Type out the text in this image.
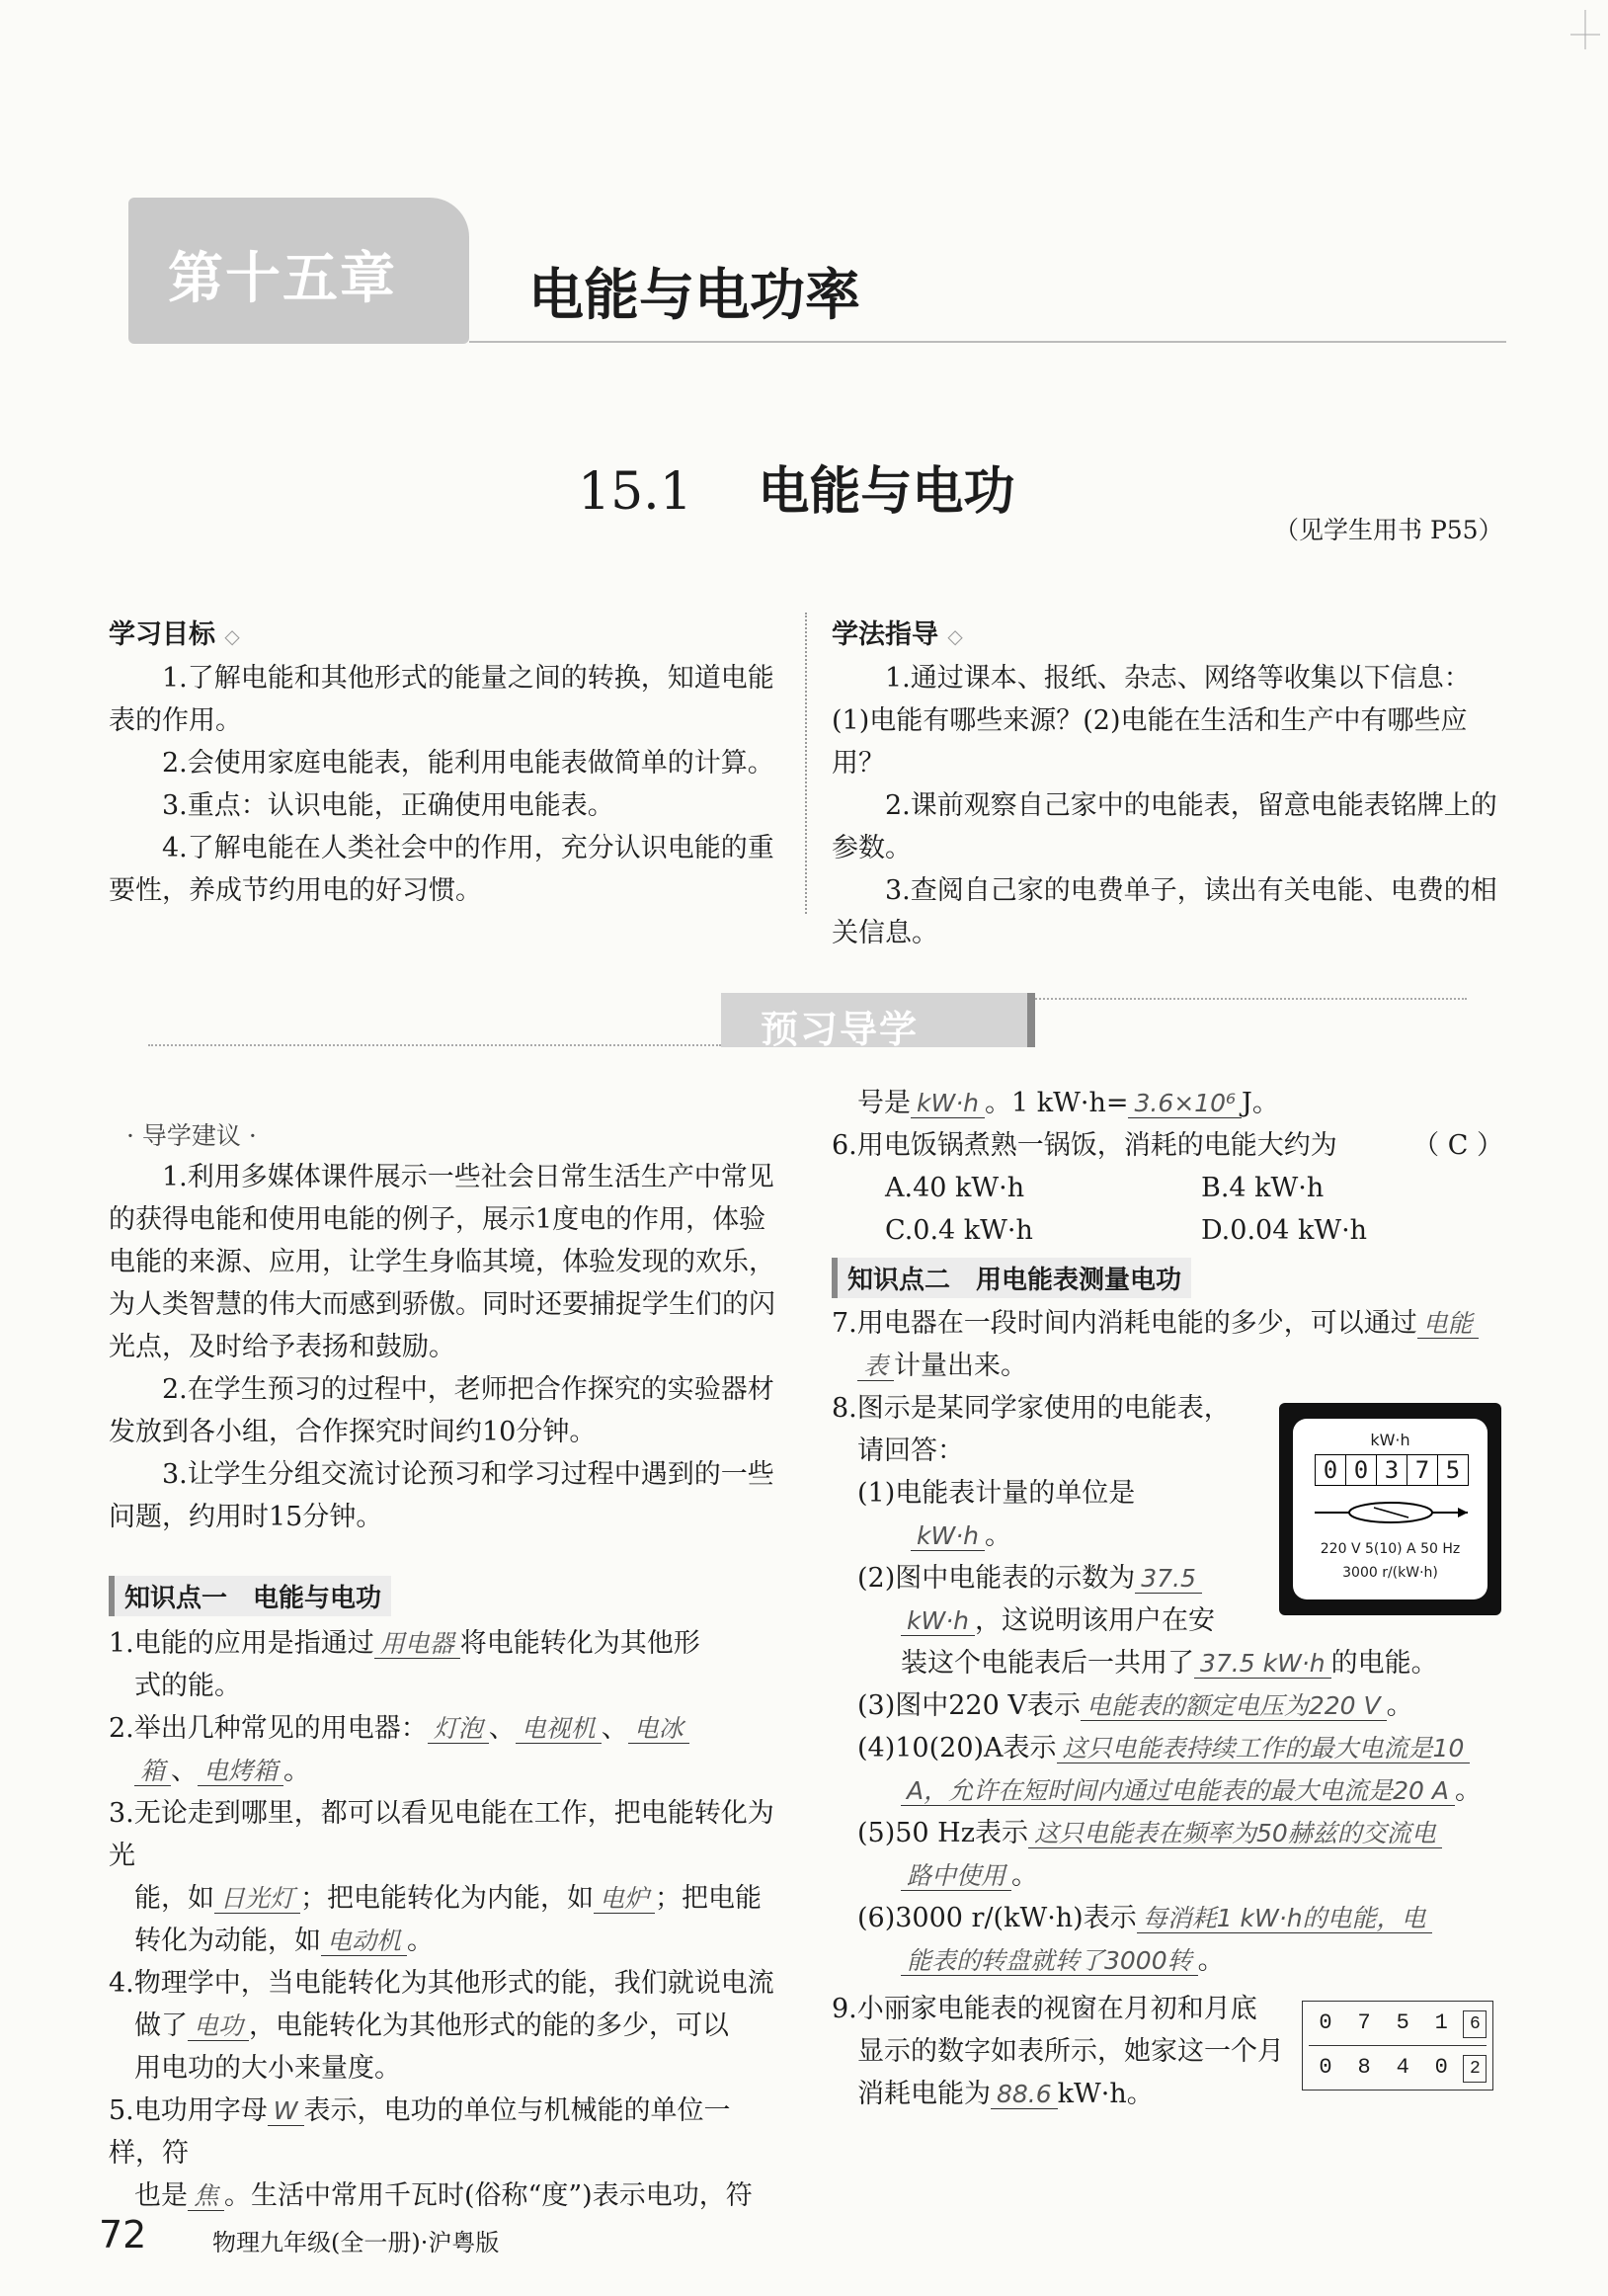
第十五章 电能与电功率
15.1 电能与电功
（见学生用书 P55）
学习目标 ◇
1.了解电能和其他形式的能量之间的转换，知道电能表的作用。
2.会使用家庭电能表，能利用电能表做简单的计算。
3.重点：认识电能，正确使用电能表。
4.了解电能在人类社会中的作用，充分认识电能的重要性，养成节约用电的好习惯。
学法指导 ◇
1.通过课本、报纸、杂志、网络等收集以下信息：(1)电能有哪些来源？(2)电能在生活和生产中有哪些应用？
2.课前观察自己家中的电能表，留意电能表铭牌上的参数。
3.查阅自己家的电费单子，读出有关电能、电费的相关信息。
预习导学
· 导学建议 ·
1.利用多媒体课件展示一些社会日常生活生产中常见的获得电能和使用电能的例子，展示1度电的作用，体验电能的来源、应用，让学生身临其境，体验发现的欢乐，为人类智慧的伟大而感到骄傲。同时还要捕捉学生们的闪光点，及时给予表扬和鼓励。
2.在学生预习的过程中，老师把合作探究的实验器材发放到各小组，合作探究时间约10分钟。
3.让学生分组交流讨论预习和学习过程中遇到的一些问题，约用时15分钟。
知识点一　电能与电功
1.电能的应用是指通过 用电器 将电能转化为其他形
式的能。
2.举出几种常见的用电器： 灯泡 、 电视机 、 电冰
箱 、 电烤箱 。
3.无论走到哪里，都可以看见电能在工作，把电能转化为光
能，如 日光灯 ；把电能转化为内能，如 电炉 ；把电能
转化为动能，如 电动机 。
4.物理学中，当电能转化为其他形式的能，我们就说电流
做了 电功 ，电能转化为其他形式的能的多少，可以
用电功的大小来量度。
5.电功用字母 W 表示，电功的单位与机械能的单位一样，符
也是 焦 。生活中常用千瓦时(俗称“度”)表示电功，符
号是 kW·h 。1 kW·h= 3.6×10⁶ J。
6.用电饭锅煮熟一锅饭，消耗的电能大约为	（ C ）
A.40 kW·h	B.4 kW·h
C.0.4 kW·h	D.0.04 kW·h
知识点二　用电能表测量电功
7.用电器在一段时间内消耗电能的多少，可以通过 电能
表 计量出来。
8.图示是某同学家使用的电能表，
请回答：
(1)电能表计量的单位是
kW·h 。
(2)图中电能表的示数为 37.5
kW·h ，这说明该用户在安
装这个电能表后一共用了 37.5 kW·h 的电能。
(3)图中220 V表示 电能表的额定电压为220 V 。
(4)10(20)A表示 这只电能表持续工作的最大电流是10
A，允许在短时间内通过电能表的最大电流是20 A 。
(5)50 Hz表示 这只电能表在频率为50赫兹的交流电
路中使用 。
(6)3000 r/(kW·h)表示 每消耗1 kW·h的电能，电
能表的转盘就转了3000转 。
9.小丽家电能表的视窗在月初和月底
显示的数字如表所示，她家这一个月
消耗电能为 88.6 kW·h。
kW·h
0 0 3 7 5
220 V 5(10) A 50 Hz
3000 r/(kW·h)
0 7 5 1 6
0 8 4 0 2
72	物理九年级(全一册)·沪粤版
